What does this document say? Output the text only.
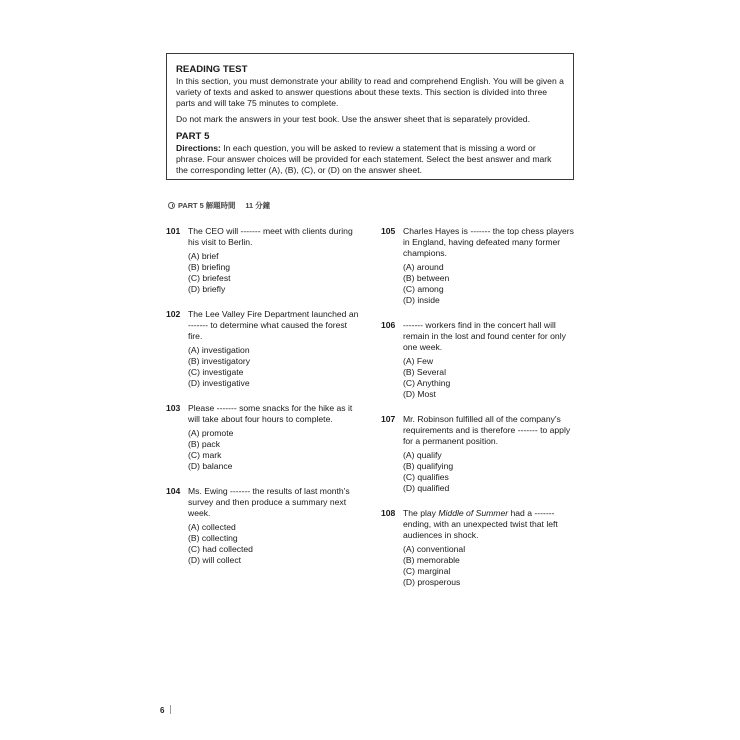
READING TEST

In this section, you must demonstrate your ability to read and comprehend English. You will be given a variety of texts and asked to answer questions about these texts. This section is divided into three parts and will take 75 minutes to complete.

Do not mark the answers in your test book. Use the answer sheet that is separately provided.

PART 5

Directions: In each question, you will be asked to review a statement that is missing a word or phrase. Four answer choices will be provided for each statement. Select the best answer and mark the corresponding letter (A), (B), (C), or (D) on the answer sheet.

PART 5 解題時間 11 分鐘
101 The CEO will ------- meet with clients during his visit to Berlin.

(A) brief

(B) briefing

(C) briefest

(D) briefly

102 The Lee Valley Fire Department launched an ------- to determine what caused the forest fire.

(A) investigation

(B) investigatory

(C) investigate

(D) investigative

103 Please ------- some snacks for the hike as it will take about four hours to complete.

(A) promote

(B) pack

(C) mark

(D) balance

104 Ms. Ewing ------- the results of last month's survey and then produce a summary next week.

(A) collected

(B) collecting

(C) had collected

(D) will collect

105 Charles Hayes is ------- the top chess players in England, having defeated many former champions.

(A) around

(B) between

(C) among

(D) inside

106 ------- workers find in the concert hall will remain in the lost and found center for only one week.

(A) Few

(B) Several

(C) Anything

(D) Most

107 Mr. Robinson fulfilled all of the company's requirements and is therefore ------- to apply for a permanent position.

(A) qualify

(B) qualifying

(C) qualifies

(D) qualified

108 The play Middle of Summer had a ------- ending, with an unexpected twist that left audiences in shock.

(A) conventional

(B) memorable

(C) marginal

(D) prosperous

6
